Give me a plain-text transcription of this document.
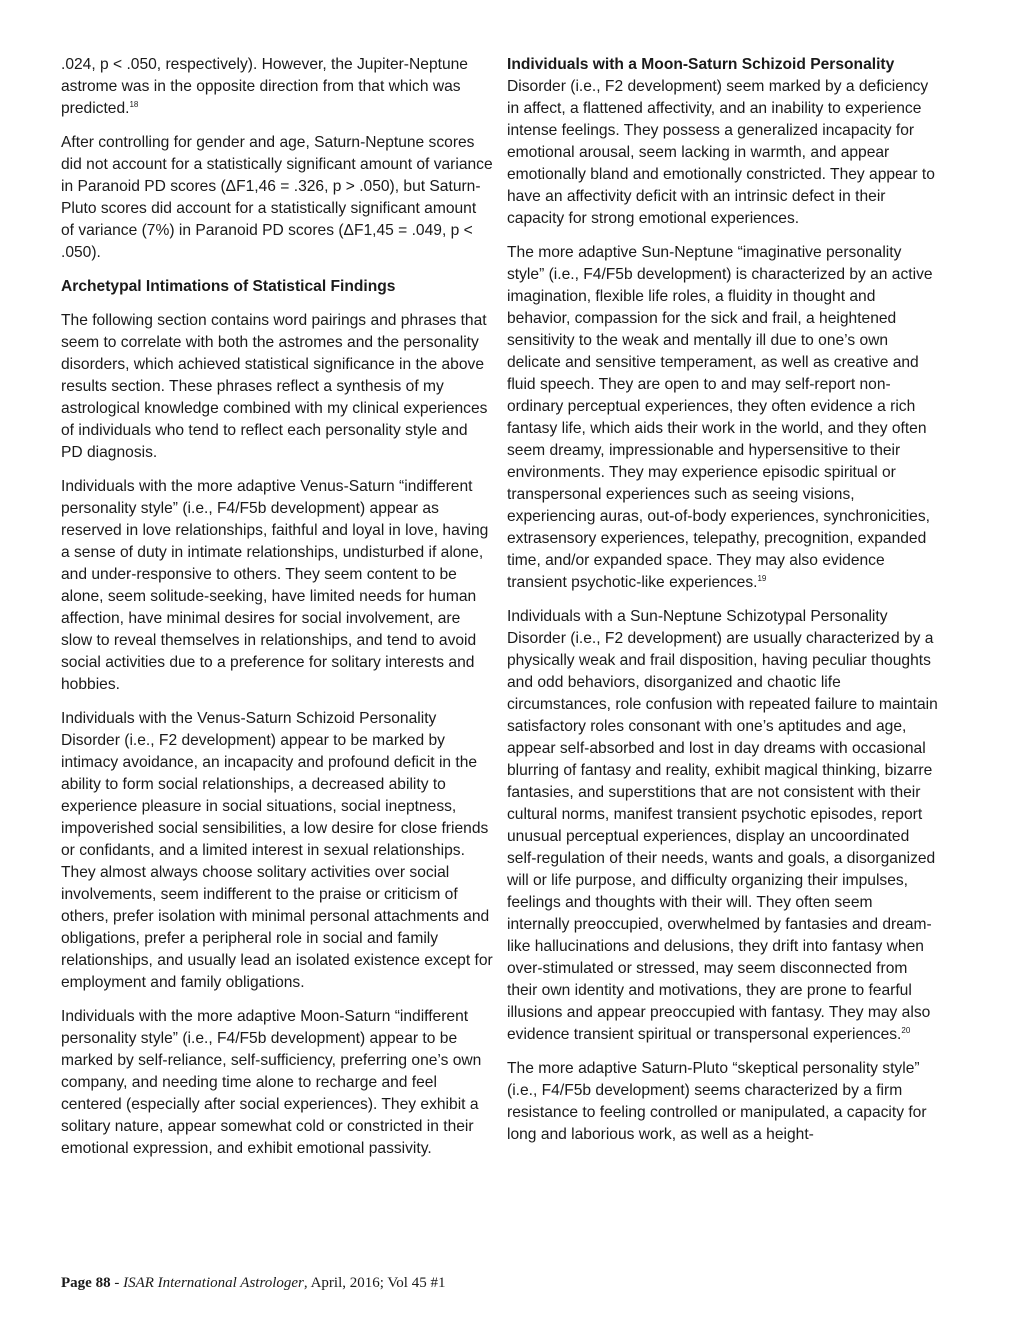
.024, p < .050, respectively). However, the Jupiter-Neptune astrome was in the opposite direction from that which was predicted.$^{18}$

After controlling for gender and age, Saturn-Neptune scores did not account for a statistically significant amount of variance in Paranoid PD scores (ΔF1,46 = .326, p > .050), but Saturn-Pluto scores did account for a statistically significant amount of variance (7%) in Paranoid PD scores (ΔF1,45 = .049, p < .050).

Archetypal Intimations of Statistical Findings

The following section contains word pairings and phrases that seem to correlate with both the astromes and the personality disorders, which achieved statistical significance in the above results section. These phrases reflect a synthesis of my astrological knowledge combined with my clinical experiences of individuals who tend to reflect each personality style and PD diagnosis.

Individuals with the more adaptive Venus-Saturn “indifferent personality style” (i.e., F4/F5b development) appear as reserved in love relationships, faithful and loyal in love, having a sense of duty in intimate relationships, undisturbed if alone, and under-responsive to others. They seem content to be alone, seem solitude-seeking, have limited needs for human affection, have minimal desires for social involvement, are slow to reveal themselves in relationships, and tend to avoid social activities due to a preference for solitary interests and hobbies.

Individuals with the Venus-Saturn Schizoid Personality Disorder (i.e., F2 development) appear to be marked by intimacy avoidance, an incapacity and profound deficit in the ability to form social relationships, a decreased ability to experience pleasure in social situations, social ineptness, impoverished social sensibilities, a low desire for close friends or confidants, and a limited interest in sexual relationships. They almost always choose solitary activities over social involvements, seem indifferent to the praise or criticism of others, prefer isolation with minimal personal attachments and obligations, prefer a peripheral role in social and family relationships, and usually lead an isolated existence except for employment and family obligations.

Individuals with the more adaptive Moon-Saturn “indifferent personality style” (i.e., F4/F5b development) appear to be marked by self-reliance, self-sufficiency, preferring one’s own company, and needing time alone to recharge and feel centered (especially after social experiences). They exhibit a solitary nature, appear somewhat cold or constricted in their emotional expression, and exhibit emotional passivity.

Individuals with a Moon-Saturn Schizoid Personality Disorder (i.e., F2 development) seem marked by a deficiency in affect, a flattened affectivity, and an inability to experience intense feelings. They possess a generalized incapacity for emotional arousal, seem lacking in warmth, and appear emotionally bland and emotionally constricted. They appear to have an affectivity deficit with an intrinsic defect in their capacity for strong emotional experiences.

The more adaptive Sun-Neptune “imaginative personality style” (i.e., F4/F5b development) is characterized by an active imagination, flexible life roles, a fluidity in thought and behavior, compassion for the sick and frail, a heightened sensitivity to the weak and mentally ill due to one’s own delicate and sensitive temperament, as well as creative and fluid speech. They are open to and may self-report non-ordinary perceptual experiences, they often evidence a rich fantasy life, which aids their work in the world, and they often seem dreamy, impressionable and hypersensitive to their environments. They may experience episodic spiritual or transpersonal experiences such as seeing visions, experiencing auras, out-of-body experiences, synchronicities, extrasensory experiences, telepathy, precognition, expanded time, and/or expanded space. They may also evidence transient psychotic-like experiences.$^{19}$

Individuals with a Sun-Neptune Schizotypal Personality Disorder (i.e., F2 development) are usually characterized by a physically weak and frail disposition, having peculiar thoughts and odd behaviors, disorganized and chaotic life circumstances, role confusion with repeated failure to maintain satisfactory roles consonant with one’s aptitudes and age, appear self-absorbed and lost in day dreams with occasional blurring of fantasy and reality, exhibit magical thinking, bizarre fantasies, and superstitions that are not consistent with their cultural norms, manifest transient psychotic episodes, report unusual perceptual experiences, display an uncoordinated self-regulation of their needs, wants and goals, a disorganized will or life purpose, and difficulty organizing their impulses, feelings and thoughts with their will. They often seem internally preoccupied, overwhelmed by fantasies and dream-like hallucinations and delusions, they drift into fantasy when over-stimulated or stressed, may seem disconnected from their own identity and motivations, they are prone to fearful illusions and appear preoccupied with fantasy. They may also evidence transient spiritual or transpersonal experiences.$^{20}$

The more adaptive Saturn-Pluto “skeptical personality style” (i.e., F4/F5b development) seems characterized by a firm resistance to feeling controlled or manipulated, a capacity for long and laborious work, as well as a height-

Page 88 - ISAR International Astrologer, April, 2016; Vol 45 #1
